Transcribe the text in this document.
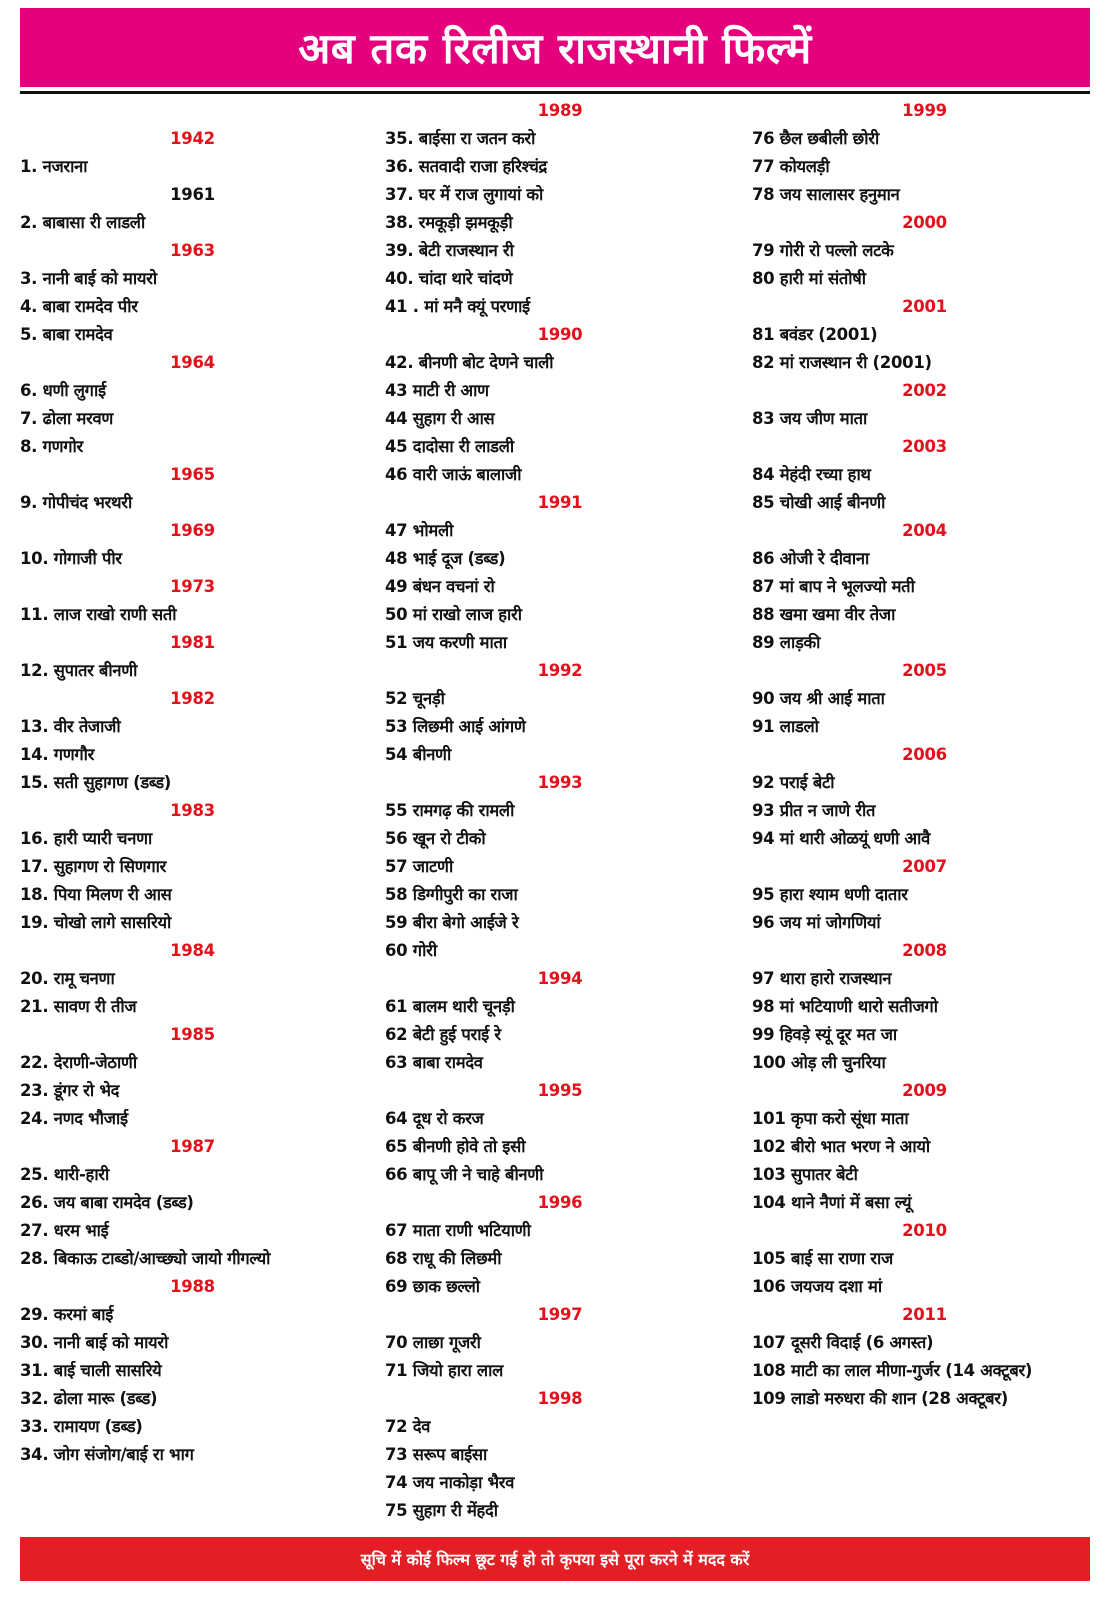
अब तक रिलीज राजस्थानी फिल्में
1942
1. नजराना
1961
2. बाबासा री लाडली
1963
3. नानी बाई को मायरो
4. बाबा रामदेव पीर
5. बाबा रामदेव
1964
6. धणी लुगाई
7. ढोला मरवण
8. गणगोर
1965
9. गोपीचंद भरथरी
1969
10. गोगाजी पीर
1973
11. लाज राखो राणी सती
1981
12. सुपातर बीनणी
1982
13. वीर तेजाजी
14. गणगौर
15. सती सुहागण (डब्ड)
1983
16. हारी प्यारी चनणा
17. सुहागण रो सिणगार
18. पिया मिलण री आस
19. चोखो लागे सासरियो
1984
20. रामू चनणा
21. सावण री तीज
1985
22. देराणी-जेठाणी
23. डूंगर रो भेद
24. नणद भौजाई
1987
25. थारी-हारी
26. जय बाबा रामदेव (डब्ड)
27. धरम भाई
28. बिकाऊ टाब्डो/आच्छ्यो जायो गीगल्यो
1988
29. करमां बाई
30. नानी बाई को मायरो
31. बाई चाली सासरिये
32. ढोला मारू (डब्ड)
33. रामायण (डब्ड)
34. जोग संजोग/बाई रा भाग
1989
35. बाईसा रा जतन करो
36. सतवादी राजा हरिश्चंद्र
37. घर में राज लुगायां को
38. रमकूड़ी झमकूड़ी
39. बेटी राजस्थान री
40. चांदा थारे चांदणे
41 . मां मनै क्यूं परणाई
1990
42. बीनणी बोट देणने चाली
43 माटी री आण
44 सुहाग री आस
45 दादोसा री लाडली
46 वारी जाऊं बालाजी
1991
47 भोमली
48 भाई दूज (डब्ड)
49 बंधन वचनां रो
50 मां राखो लाज हारी
51 जय करणी माता
1992
52 चूनड़ी
53 लिछमी आई आंगणे
54 बीनणी
1993
55 रामगढ़ की रामली
56 खून रो टीको
57 जाटणी
58 डिग्गीपुरी का राजा
59 बीरा बेगो आईजे रे
60 गोरी
1994
61 बालम थारी चूनड़ी
62 बेटी हुई पराई रे
63 बाबा रामदेव
1995
64 दूध रो करज
65 बीनणी होवे तो इसी
66 बापू जी ने चाहे बीनणी
1996
67 माता राणी भटियाणी
68 राधू की लिछमी
69 छाक छल्लो
1997
70 लाछा गूजरी
71 जियो हारा लाल
1998
72 देव
73 सरूप बाईसा
74 जय नाकोड़ा भैरव
75 सुहाग री मेंहदी
1999
76 छैल छबीली छोरी
77 कोयलड़ी
78 जय सालासर हनुमान
2000
79 गोरी रो पल्लो लटके
80 हारी मां संतोषी
2001
81 बवंडर (2001)
82 मां राजस्थान री (2001)
2002
83 जय जीण माता
2003
84 मेहंदी रच्या हाथ
85 चोखी आई बीनणी
2004
86 ओजी रे दीवाना
87 मां बाप ने भूलज्यो मती
88 खमा खमा वीर तेजा
89 लाड़की
2005
90 जय श्री आई माता
91 लाडलो
2006
92 पराई बेटी
93 प्रीत न जाणे रीत
94 मां थारी ओळयूं धणी आवै
2007
95 हारा श्याम धणी दातार
96 जय मां जोगणियां
2008
97 थारा हारो राजस्थान
98 मां भटियाणी थारो सतीजगो
99 हिवड़े स्यूं दूर मत जा
100 ओड़ ली चुनरिया
2009
101 कृपा करो सूंधा माता
102 बीरो भात भरण ने आयो
103 सुपातर बेटी
104 थाने नैणां में बसा ल्यूं
2010
105 बाई सा राणा राज
106 जयजय दशा मां
2011
107 दूसरी विदाई (6 अगस्त)
108 माटी का लाल मीणा-गुर्जर (14 अक्टूबर)
109 लाडो मरुधरा की शान (28 अक्टूबर)
सूचि में कोई फिल्म छूट गई हो तो कृपया इसे पूरा करने में मदद करें
